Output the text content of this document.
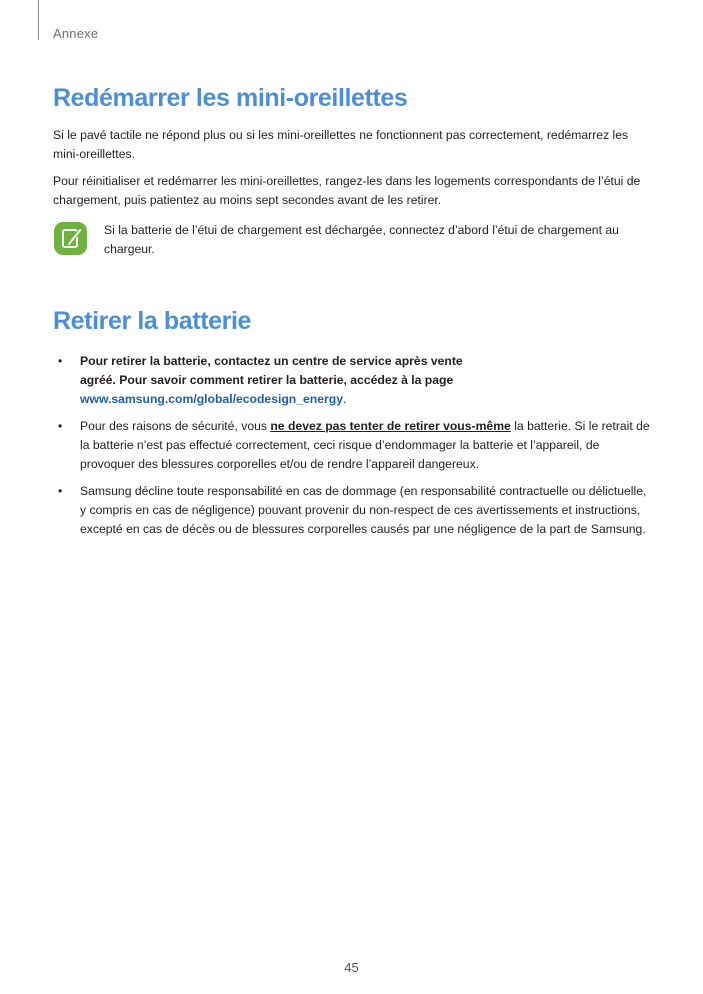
Annexe
Redémarrer les mini-oreillettes

Si le pavé tactile ne répond plus ou si les mini-oreillettes ne fonctionnent pas correctement, redémarrez les mini-oreillettes.

Pour réinitialiser et redémarrer les mini-oreillettes, rangez-les dans les logements correspondants de l’étui de chargement, puis patientez au moins sept secondes avant de les retirer.

Si la batterie de l’étui de chargement est déchargée, connectez d’abord l’étui de chargement au chargeur.

Retirer la batterie
• Pour retirer la batterie, contactez un centre de service après vente
agréé. Pour savoir comment retirer la batterie, accédez à la page
www.samsung.com/global/ecodesign_energy.
• Pour des raisons de sécurité, vous ne devez pas tenter de retirer vous-même la batterie. Si le retrait de la batterie n’est pas effectué correctement, ceci risque d’endommager la batterie et l’appareil, de provoquer des blessures corporelles et/ou de rendre l’appareil dangereux.
• Samsung décline toute responsabilité en cas de dommage (en responsabilité contractuelle ou délictuelle, y compris en cas de négligence) pouvant provenir du non-respect de ces avertissements et instructions, excepté en cas de décès ou de blessures corporelles causés par une négligence de la part de Samsung.
45
